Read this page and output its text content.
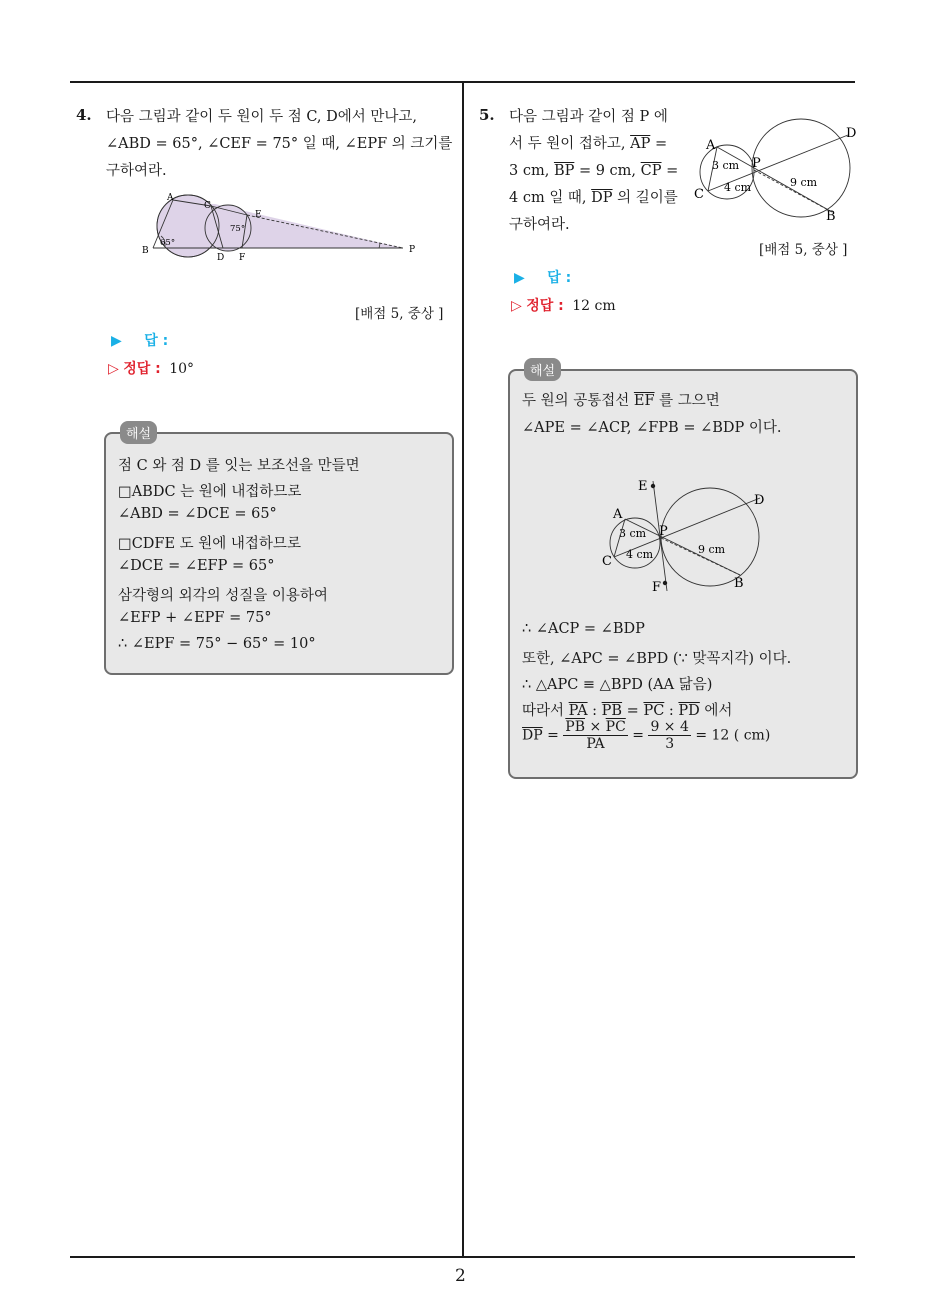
2
4. 다음 그림과 같이 두 원이 두 점 C, D에서 만나고,
∠ABD = 65°, ∠CEF = 75° 일 때, ∠EPF 의 크기를
구하여라.
A
B
C
D
E
F
P
65°
75°
[배점 5, 중상 ]
▶ 답 :
▷ 정답 : 10°
점 C 와 점 D 를 잇는 보조선을 만들면
□ABDC 는 원에 내접하므로
∠ABD = ∠DCE = 65°
□CDFE 도 원에 내접하므로
∠DCE = ∠EFP = 65°
삼각형의 외각의 성질을 이용하여
∠EFP + ∠EPF = 75°
∴ ∠EPF = 75° − 65° = 10°
해설
5. 다음 그림과 같이 점 P 에
서 두 원이 접하고, $\overline{AP}$ =
3 cm, $\overline{BP} = 9$ cm, $\overline{CP}$ =
4 cm 일 때, $\overline{DP}$ 의 길이를
구하여라.
A
C
P
D
B
3 cm
4 cm	9 cm
[배점 5, 중상 ]
▶ 답 :
▷ 정답 : 12 cm
두 원의 공통접선 $\overline{EF}$ 를 그으면
∠APE = ∠ACP, ∠FPB = ∠BDP 이다.
E
F
A
C
P
D
B
3 cm
4 cm	9 cm
∴ ∠ACP = ∠BDP
또한, ∠APC = ∠BPD (∵ 맞꼭지각) 이다.
∴ △APC ≡ △BPD (AA 닮음)
따라서 $\overline{PA}$ : $\overline{PB} = \overline{PC}$ : $\overline{PD}$ 에서
$\overline{DP} = \frac{\overline{PB} \times \overline{PC}}{PA} = \frac{9 \times 4}{3} = 12$ ( cm)
해설
